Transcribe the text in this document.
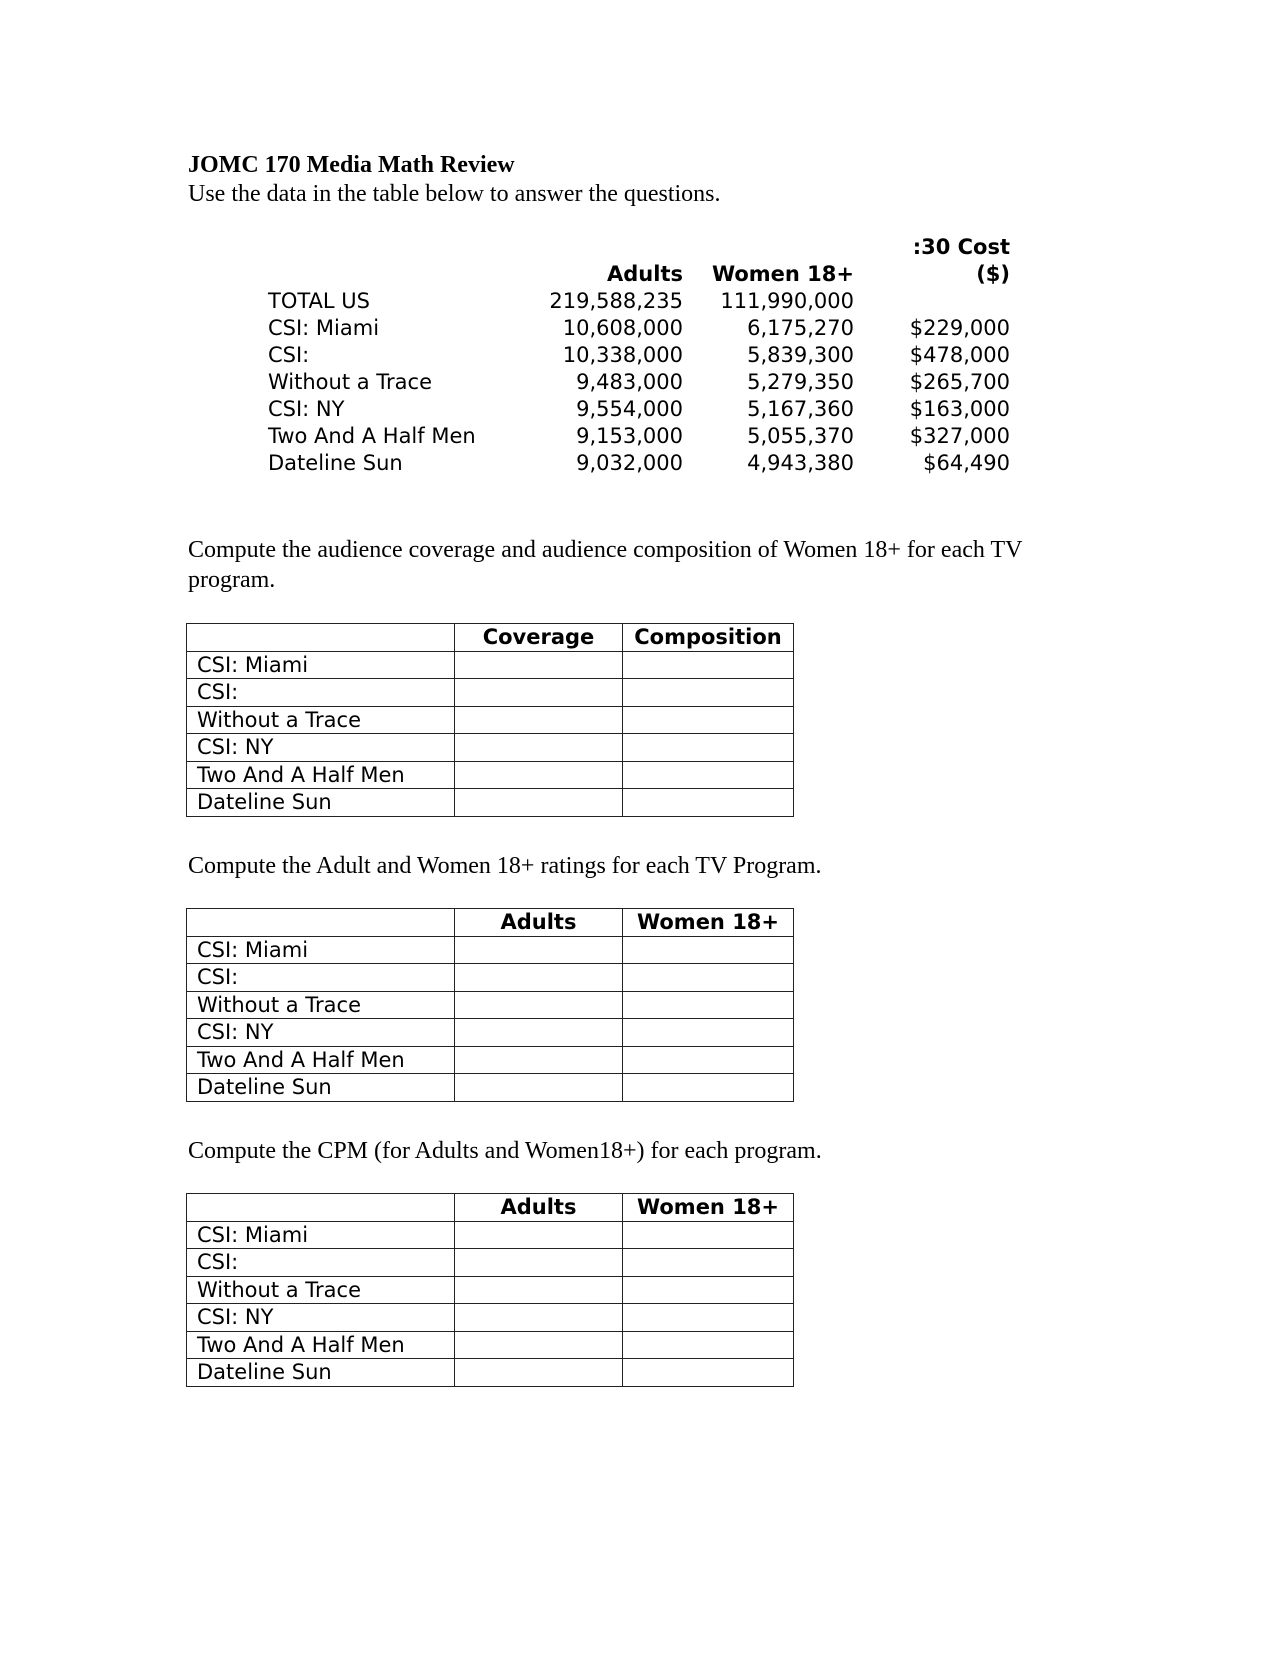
JOMC 170 Media Math Review
Use the data in the table below to answer the questions.
:30 Cost
Adults Women 18+	($)
TOTAL US	219,588,235 111,990,000
CSI: Miami	10,608,000	6,175,270	$229,000
CSI:	10,338,000	5,839,300	$478,000
Without a Trace	9,483,000	5,279,350	$265,700
CSI: NY	9,554,000	5,167,360	$163,000
Two And A Half Men	9,153,000	5,055,370	$327,000
Dateline Sun	9,032,000	4,943,380	$64,490
Compute the audience coverage and audience composition of Women 18+ for each TV program.
	Coverage	Composition
CSI: Miami		
CSI:		
Without a Trace		
CSI: NY		
Two And A Half Men		
Dateline Sun		
Compute the Adult and Women 18+ ratings for each TV Program.
	Adults	Women 18+
CSI: Miami		
CSI:		
Without a Trace		
CSI: NY		
Two And A Half Men		
Dateline Sun		
Compute the CPM (for Adults and Women18+) for each program.
	Adults	Women 18+
CSI: Miami		
CSI:		
Without a Trace		
CSI: NY		
Two And A Half Men		
Dateline Sun		
